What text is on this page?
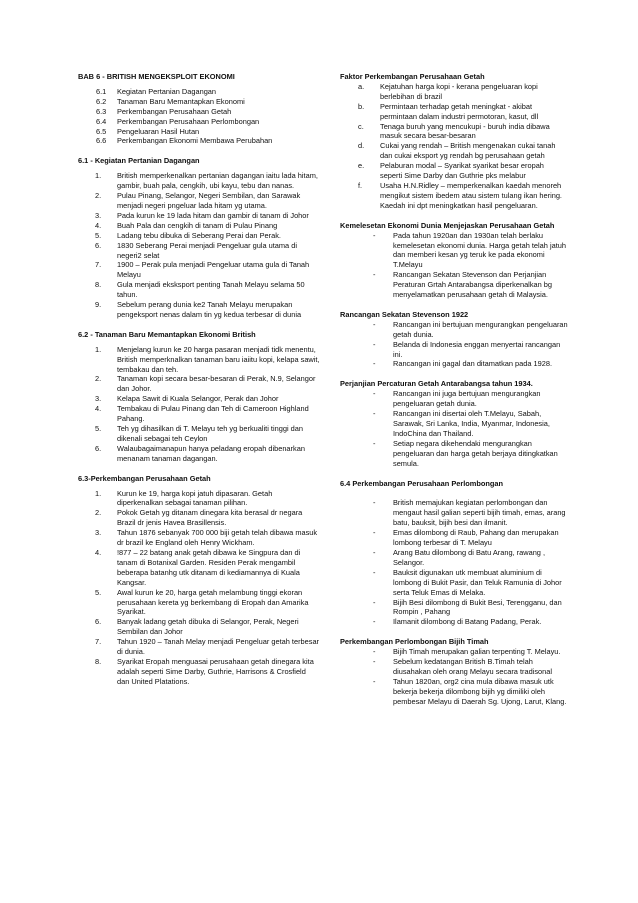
BAB 6 - BRITISH MENGEKSPLOIT EKONOMI

6.1	Kegiatan Pertanian Dagangan
6.2	Tanaman Baru Memantapkan Ekonomi
6.3	Perkembangan Perusahaan Getah
6.4	Perkembangan Perusahaan Perlombongan
6.5	Pengeluaran Hasil Hutan
6.6	Perkembangan Ekonomi Membawa Perubahan

6.1 - Kegiatan Pertanian Dagangan

1.	British memperkenalkan pertanian dagangan iaitu lada hitam, gambir, buah pala, cengkih, ubi kayu, tebu dan nanas.
2.	Pulau Pinang, Selangor, Negeri Sembilan, dan Sarawak menjadi negeri pngeluar lada hitam yg utama.
3.	Pada kurun ke 19 lada hitam dan gambir di tanam di Johor
4.	Buah Pala dan cengkih di tanam di Pulau Pinang
5.	Ladang tebu dibuka di Seberang Perai dan Perak.
6.	1830 Seberang Perai menjadi Pengeluar gula utama di negeri2 selat
7.	1900 – Perak pula menjadi Pengeluar utama gula di Tanah Melayu
8.	Gula menjadi eksksport penting Tanah Melayu selama 50 tahun.
9.	Sebelum perang dunia ke2 Tanah Melayu merupakan pengeksport nenas dalam tin yg kedua terbesar di dunia

6.2 - Tanaman Baru Memantapkan Ekonomi British

1.	Menjelang kurun ke 20 harga pasaran menjadi tidk menentu, British memperknalkan tanaman baru iaiitu kopi, kelapa sawit, tembakau dan teh.
2.	Tanaman kopi secara besar-besaran di Perak, N.9, Selangor dan Johor.
3.	Kelapa Sawit di Kuala Selangor, Perak dan Johor
4.	Tembakau di Pulau Pinang dan Teh di Cameroon Highland Pahang.
5.	Teh yg dihasilkan di T. Melayu teh yg berkualiti tinggi dan dikenali sebagai teh Ceylon
6.	Walaubagaimanapun hanya peladang eropah dibenarkan menanam tanaman dagangan.

6.3-Perkembangan Perusahaan Getah

1.	Kurun ke 19, harga kopi jatuh dipasaran. Getah diperkenalkan sebagai tanaman pilihan.
2.	Pokok Getah yg ditanam dinegara kita berasal dr negara Brazil dr jenis Havea Brasillensis.
3.	Tahun 1876 sebanyak 700 000 biji getah telah dibawa masuk dr brazil ke England oleh Henry Wickham.
4.	!877 – 22 batang anak getah dibawa ke Singpura dan di tanam di Botanixal Garden. Residen Perak mengambil beberapa batanhg utk ditanam di kediamannya di Kuala Kangsar.
5.	Awal kurun ke 20, harga getah melambung tinggi ekoran perusahaan kereta yg berkembang di Eropah dan Amarika Syarikat.
6.	Banyak ladang getah dibuka di Selangor, Perak, Negeri Sembilan dan Johor
7.	Tahun 1920 – Tanah Melay menjadi Pengeluar getah terbesar di dunia.
8.	Syarikat Eropah menguasai perusahaan getah dinegara kita adalah seperti Sime Darby, Guthrie, Harrisons & Crosfield dan United Platations.

Faktor Perkembangan Perusahaan Getah

a.	Kejatuhan harga kopi - kerana pengeluaran kopi berlebihan di brazil
b.	Permintaan terhadap getah meningkat - akibat permintaan dalam industri permotoran, kasut, dll
c.	Tenaga buruh yang mencukupi - buruh india dibawa masuk secara besar-besaran
d.	Cukai yang rendah – British mengenakan cukai tanah dan cukai eksport yg rendah bg perusahaan getah
e.	Pelaburan modal – Syarikat syarikat besar eropah seperti Sime Darby dan Guthrie pks melabur
f.	Usaha H.N.Ridley – memperkenalkan kaedah menoreh mengikut sistem ibedem atau sistem tulang ikan hering. Kaedah ini dpt meningkatkan hasil pengeluaran.

Kemelesetan Ekonomi Dunia Menjejaskan Perusahaan Getah

-	Pada tahun 1920an dan 1930an telah berlaku kemelesetan ekonomi dunia. Harga getah telah jatuh dan memberi kesan yg teruk ke pada ekonomi T.Melayu
-	Rancangan Sekatan Stevenson dan Perjanjian Peraturan Grtah Antarabangsa diperkenalkan bg menyelamatkan perusahaan getah di Malaysia.

Rancangan Sekatan Stevenson 1922

-	Rancangan ini bertujuan mengurangkan pengeluaran getah dunia.
-	Belanda di Indonesia enggan menyertai rancangan ini.
-	Rancangan ini gagal dan ditamatkan pada 1928.

Perjanjian Percaturan Getah Antarabangsa tahun 1934.

-	Rancangan ini juga bertujuan mengurangkan pengeluaran getah dunia.
-	Rancangan ini disertai oleh T.Melayu, Sabah, Sarawak, Sri Lanka, India, Myanmar, Indonesia, IndoChina dan Thailand.
-	Setiap negara dikehendaki mengurangkan pengeluaran dan harga getah berjaya ditingkatkan semula.

6.4 Perkembangan Perusahaan Perlombongan

-	British memajukan kegiatan perlombongan dan mengaut hasil galian seperti bijih timah, emas, arang batu, bauksit, bijih besi dan ilmanit.
-	Emas dilombong di Raub, Pahang dan merupakan lombong terbesar di T. Melayu
-	Arang Batu dilombong di Batu Arang, rawang , Selangor.
-	Bauksit digunakan utk membuat aluminium di lombong di Bukit Pasir, dan Teluk Ramunia di Johor serta Teluk Emas di Melaka.
-	Bijih Besi dilombong di Bukit Besi, Terengganu, dan Rompin , Pahang
-	Ilamanit dilombong di Batang Padang, Perak.

Perkembangan Perlombongan Bijih Timah

-	Bijih Timah merupakan galian terpenting T. Melayu.
-	Sebelum kedatangan British B.Timah telah diusahakan oleh orang Melayu secara tradisonal
-	Tahun 1820an, org2 cina mula dibawa masuk utk bekerja bekerja dilombong bijih yg dimiliki oleh pembesar Melayu di Daerah Sg. Ujong, Larut, Klang.
